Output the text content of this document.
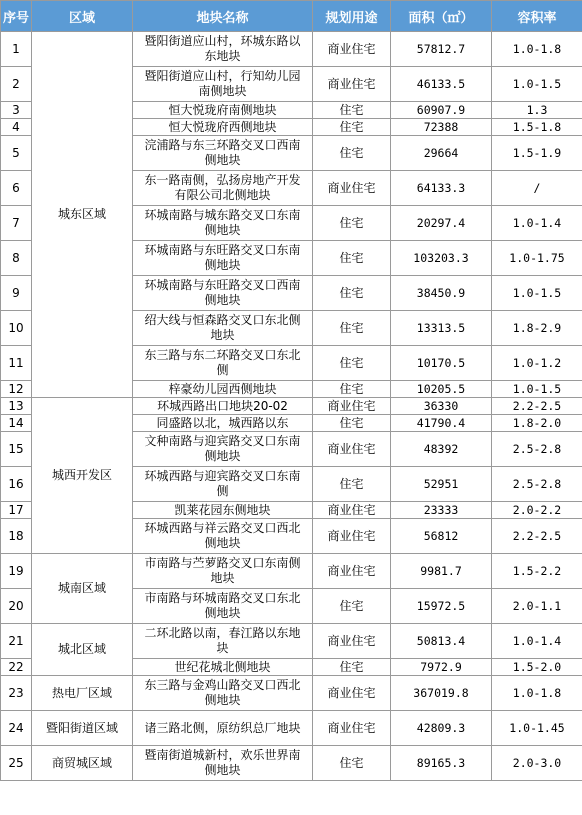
序号	区域	地块名称	规划用途	面积（㎡）	容积率
1	城东区域	暨阳街道应山村，环城东路以东地块	商业住宅	57812.7	1.0-1.8
2		暨阳街道应山村，行知幼儿园南侧地块	商业住宅	46133.5	1.0-1.5
3		恒大悦珑府南侧地块	住宅	60907.9	1.3
4		恒大悦珑府西侧地块	住宅	72388	1.5-1.8
5		浣浦路与东三环路交叉口西南侧地块	住宅	29664	1.5-1.9
6		东一路南侧，弘扬房地产开发有限公司北侧地块	商业住宅	64133.3	/
7		环城南路与城东路交叉口东南侧地块	住宅	20297.4	1.0-1.4
8		环城南路与东旺路交叉口东南侧地块	住宅	103203.3	1.0-1.75
9		环城南路与东旺路交叉口西南侧地块	住宅	38450.9	1.0-1.5
10		绍大线与恒森路交叉口东北侧地块	住宅	13313.5	1.8-2.9
11		东三路与东二环路交叉口东北侧	住宅	10170.5	1.0-1.2
12		梓豪幼儿园西侧地块	住宅	10205.5	1.0-1.5
13	城西开发区	环城西路出口地块20-02	商业住宅	36330	2.2-2.5
14		同盛路以北，城西路以东	住宅	41790.4	1.8-2.0
15		文种南路与迎宾路交叉口东南侧地块	商业住宅	48392	2.5-2.8
16		环城西路与迎宾路交叉口东南侧	住宅	52951	2.5-2.8
17		凯莱花园东侧地块	商业住宅	23333	2.0-2.2
18		环城西路与祥云路交叉口西北侧地块	商业住宅	56812	2.2-2.5
19	城南区域	市南路与苎萝路交叉口东南侧地块	商业住宅	9981.7	1.5-2.2
20		市南路与环城南路交叉口东北侧地块	住宅	15972.5	2.0-1.1
21	城北区域	二环北路以南，春江路以东地块	商业住宅	50813.4	1.0-1.4
22		世纪花城北侧地块	住宅	7972.9	1.5-2.0
23	热电厂区域	东三路与金鸡山路交叉口西北侧地块	商业住宅	367019.8	1.0-1.8
24	暨阳街道区域	诸三路北侧，原纺织总厂地块	商业住宅	42809.3	1.0-1.45
25	商贸城区域	暨南街道城新村，欢乐世界南侧地块	住宅	89165.3	2.0-3.0
